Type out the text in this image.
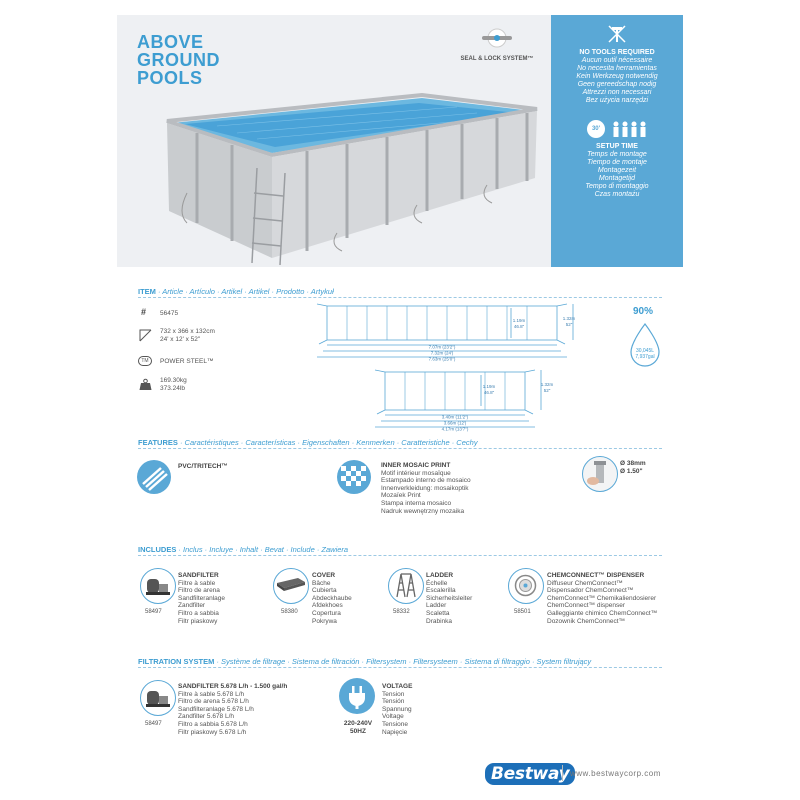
ABOVE
GROUND
POOLS
SEAL & LOCK SYSTEM™
NO TOOLS REQUIRED
Aucun outil nécessaire
No necesita herramientas
Kein Werkzeug notwendig
Geen gereedschap nodig
Attrezzi non necessari
Bez użycia narzędzi
30'
SETUP TIME
Temps de montage
Tiempo de montaje
Montagezeit
Montagetijd
Tempo di montaggio
Czas montażu
ITEM · Article · Artículo · Artikel · Artikel · Prodotto · Artykuł
# 56475
732 x 366 x 132cm
24' x 12' x 52"
TM	POWER STEEL™
169.30kg
373.24lb
7.07m (23'2")
7.32m (24')
7.63m (25'0")
1.19m
46.8"
1.32m
52"
3.40m (11'2")
3.66m (12')
4.17m (13'7")
1.19m
46.8"
1.32m
52"
90%
30,045L
7,937gal
FEATURES · Caractéristiques · Características · Eigenschaften · Kenmerken · Caratteristiche · Cechy
PVC/TRITECH™	INNER MOSAIC PRINT
Motif intérieur mosaïque
Estampado interno de mosaico
Innenverkleidung: mosaikoptik
Mozaïek Print
Stampa interna mosaico
Nadruk wewnętrzny mozaika
Ø 38mm
Ø 1.50"
INCLUDES · Inclus · Incluye · Inhalt · Bevat · Include · Zawiera
58497
SANDFILTER
Filtre à sable
Filtro de arena
Sandfilteranlage
Zandfilter
Filtro a sabbia
Filtr piaskowy
58380
COVER
Bâche
Cubierta
Abdeckhaube
Afdekhoes
Copertura
Pokrywa
58332
LADDER
Échelle
Escalerilla
Sicherheitsleiter
Ladder
Scaletta
Drabinka
58501
CHEMCONNECT™ DISPENSER
Diffuseur ChemConnect™
Dispensador ChemConnect™
ChemConnect™ Chemikaliendosierer
ChemConnect™ dispenser
Galleggiante chimico ChemConnect™
Dozownik ChemConnect™
FILTRATION SYSTEM · Système de filtrage · Sistema de filtración · Filtersystem · Filtersysteem · Sistema di filtraggio · System filtrujący
58497
SANDFILTER 5.678 L/h - 1.500 gal/h
Filtre à sable 5.678 L/h
Filtro de arena 5.678 L/h
Sandfilteranlage 5.678 L/h
Zandfilter 5.678 L/h
Filtro a sabbia 5.678 L/h
Filtr piaskowy 5.678 L/h
220-240V
50HZ
VOLTAGE
Tension
Tensión
Spannung
Voltage
Tensione
Napięcie
Bestway www.bestwaycorp.com
